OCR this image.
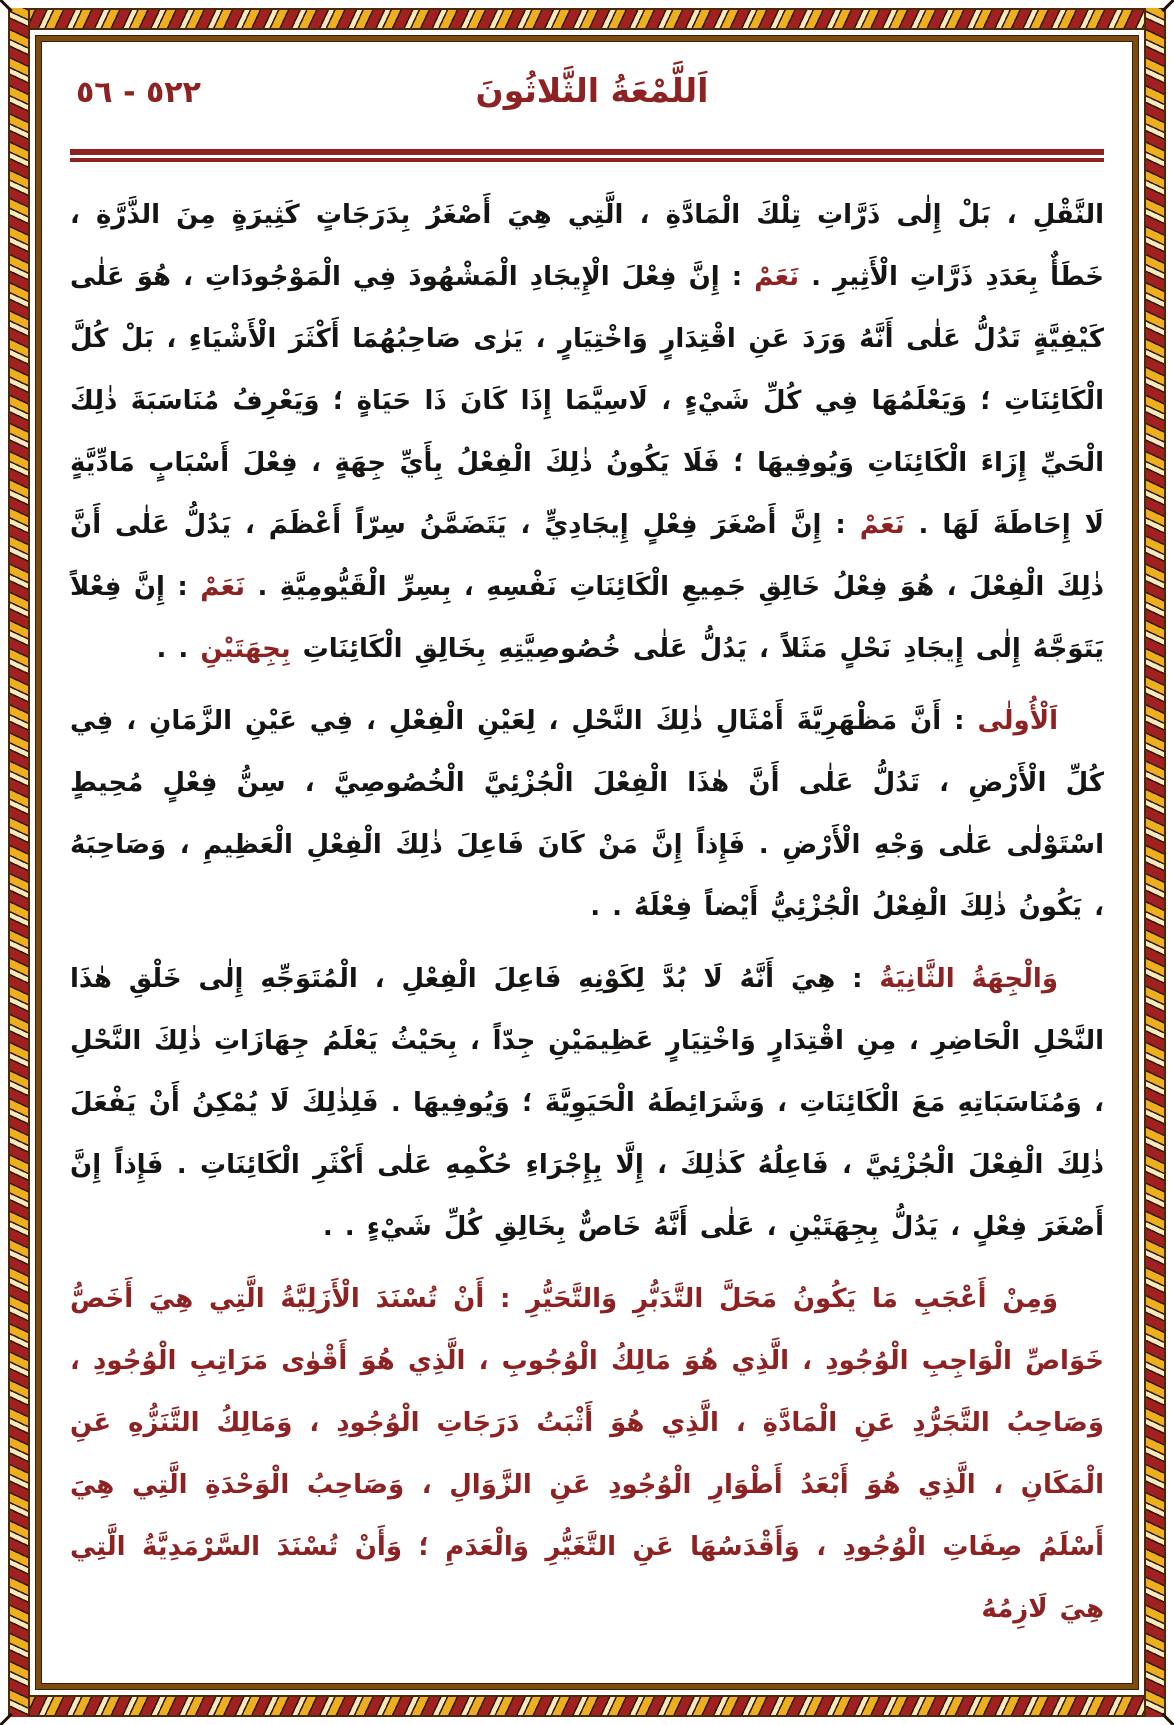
اَللَّمْعَةُ الثَّلاثُونَ
٥٢٢ - ٥٦

النَّقْلِ ، بَلْ إِلٰى ذَرَّاتِ تِلْكَ الْمَادَّةِ ، الَّتِي هِيَ أَصْغَرُ بِدَرَجَاتٍ كَثِيرَةٍ مِنَ الذَّرَّةِ ، خَطَأٌ بِعَدَدِ ذَرَّاتِ الْأَثِيرِ . نَعَمْ : إِنَّ فِعْلَ الْإِيجَادِ الْمَشْهُودَ فِي الْمَوْجُودَاتِ ، هُوَ عَلٰى كَيْفِيَّةٍ تَدُلُّ عَلٰى أَنَّهُ وَرَدَ عَنِ اقْتِدَارٍ وَاخْتِيَارٍ ، يَرٰى صَاحِبُهُمَا أَكْثَرَ الْأَشْيَاءِ ، بَلْ كُلَّ الْكَائِنَاتِ ؛ وَيَعْلَمُهَا فِي كُلِّ شَيْءٍ ، لَاسِيَّمَا إِذَا كَانَ ذَا حَيَاةٍ ؛ وَيَعْرِفُ مُنَاسَبَةَ ذٰلِكَ الْحَيِّ إِزَاءَ الْكَائِنَاتِ وَيُوفِيهَا ؛ فَلَا يَكُونُ ذٰلِكَ الْفِعْلُ بِأَيِّ جِهَةٍ ، فِعْلَ أَسْبَابٍ مَادِّيَّةٍ لَا إِحَاطَةَ لَهَا . نَعَمْ : إِنَّ أَصْغَرَ فِعْلٍ إِيجَادِيٍّ ، يَتَضَمَّنُ سِرّاً أَعْظَمَ ، يَدُلُّ عَلٰى أَنَّ ذٰلِكَ الْفِعْلَ ، هُوَ فِعْلُ خَالِقِ جَمِيعِ الْكَائِنَاتِ نَفْسِهِ ، بِسِرِّ الْقَيُّومِيَّةِ . نَعَمْ : إِنَّ فِعْلاً يَتَوَجَّهُ إِلٰى إِيجَادِ نَحْلٍ مَثَلاً ، يَدُلُّ عَلٰى خُصُوصِيَّتِهِ بِخَالِقِ الْكَائِنَاتِ بِجِهَتَيْنِ . .

اَلْأُولٰى : أَنَّ مَظْهَرِيَّةَ أَمْثَالِ ذٰلِكَ النَّحْلِ ، لِعَيْنِ الْفِعْلِ ، فِي عَيْنِ الزَّمَانِ ، فِي كُلِّ الْأَرْضِ ، تَدُلُّ عَلٰى أَنَّ هٰذَا الْفِعْلَ الْجُزْئِيَّ الْخُصُوصِيَّ ، سِنُّ فِعْلٍ مُحِيطٍ اسْتَوْلٰى عَلٰى وَجْهِ الْأَرْضِ . فَإِذاً إِنَّ مَنْ كَانَ فَاعِلَ ذٰلِكَ الْفِعْلِ الْعَظِيمِ ، وَصَاحِبَهُ ، يَكُونُ ذٰلِكَ الْفِعْلُ الْجُزْئِيُّ أَيْضاً فِعْلَهُ . .

وَالْجِهَةُ الثَّانِيَةُ : هِيَ أَنَّهُ لَا بُدَّ لِكَوْنِهِ فَاعِلَ الْفِعْلِ ، الْمُتَوَجِّهِ إِلٰى خَلْقِ هٰذَا النَّحْلِ الْحَاضِرِ ، مِنِ اقْتِدَارٍ وَاخْتِيَارٍ عَظِيمَيْنِ جِدّاً ، بِحَيْثُ يَعْلَمُ جِهَازَاتِ ذٰلِكَ النَّحْلِ ، وَمُنَاسَبَاتِهِ مَعَ الْكَائِنَاتِ ، وَشَرَائِطَهُ الْحَيَوِيَّةَ ؛ وَيُوفِيهَا . فَلِذٰلِكَ لَا يُمْكِنُ أَنْ يَفْعَلَ ذٰلِكَ الْفِعْلَ الْجُزْئِيَّ ، فَاعِلُهُ كَذٰلِكَ ، إِلَّا بِإِجْرَاءِ حُكْمِهِ عَلٰى أَكْثَرِ الْكَائِنَاتِ . فَإِذاً إِنَّ أَصْغَرَ فِعْلٍ ، يَدُلُّ بِجِهَتَيْنِ ، عَلٰى أَنَّهُ خَاصٌّ بِخَالِقِ كُلِّ شَيْءٍ . .

وَمِنْ أَعْجَبِ مَا يَكُونُ مَحَلَّ التَّدَبُّرِ وَالتَّحَيُّرِ : أَنْ تُسْنَدَ الْأَزَلِيَّةُ الَّتِي هِيَ أَخَصُّ خَوَاصِّ الْوَاجِبِ الْوُجُودِ ، الَّذِي هُوَ مَالِكُ الْوُجُوبِ ، الَّذِي هُوَ أَقْوٰى مَرَاتِبِ الْوُجُودِ ، وَصَاحِبُ التَّجَرُّدِ عَنِ الْمَادَّةِ ، الَّذِي هُوَ أَثْبَتُ دَرَجَاتِ الْوُجُودِ ، وَمَالِكُ التَّنَزُّهِ عَنِ الْمَكَانِ ، الَّذِي هُوَ أَبْعَدُ أَطْوَارِ الْوُجُودِ عَنِ الزَّوَالِ ، وَصَاحِبُ الْوَحْدَةِ الَّتِي هِيَ أَسْلَمُ صِفَاتِ الْوُجُودِ ، وَأَقْدَسُهَا عَنِ التَّغَيُّرِ وَالْعَدَمِ ؛ وَأَنْ تُسْنَدَ السَّرْمَدِيَّةُ الَّتِي هِيَ لَازِمُهُ
